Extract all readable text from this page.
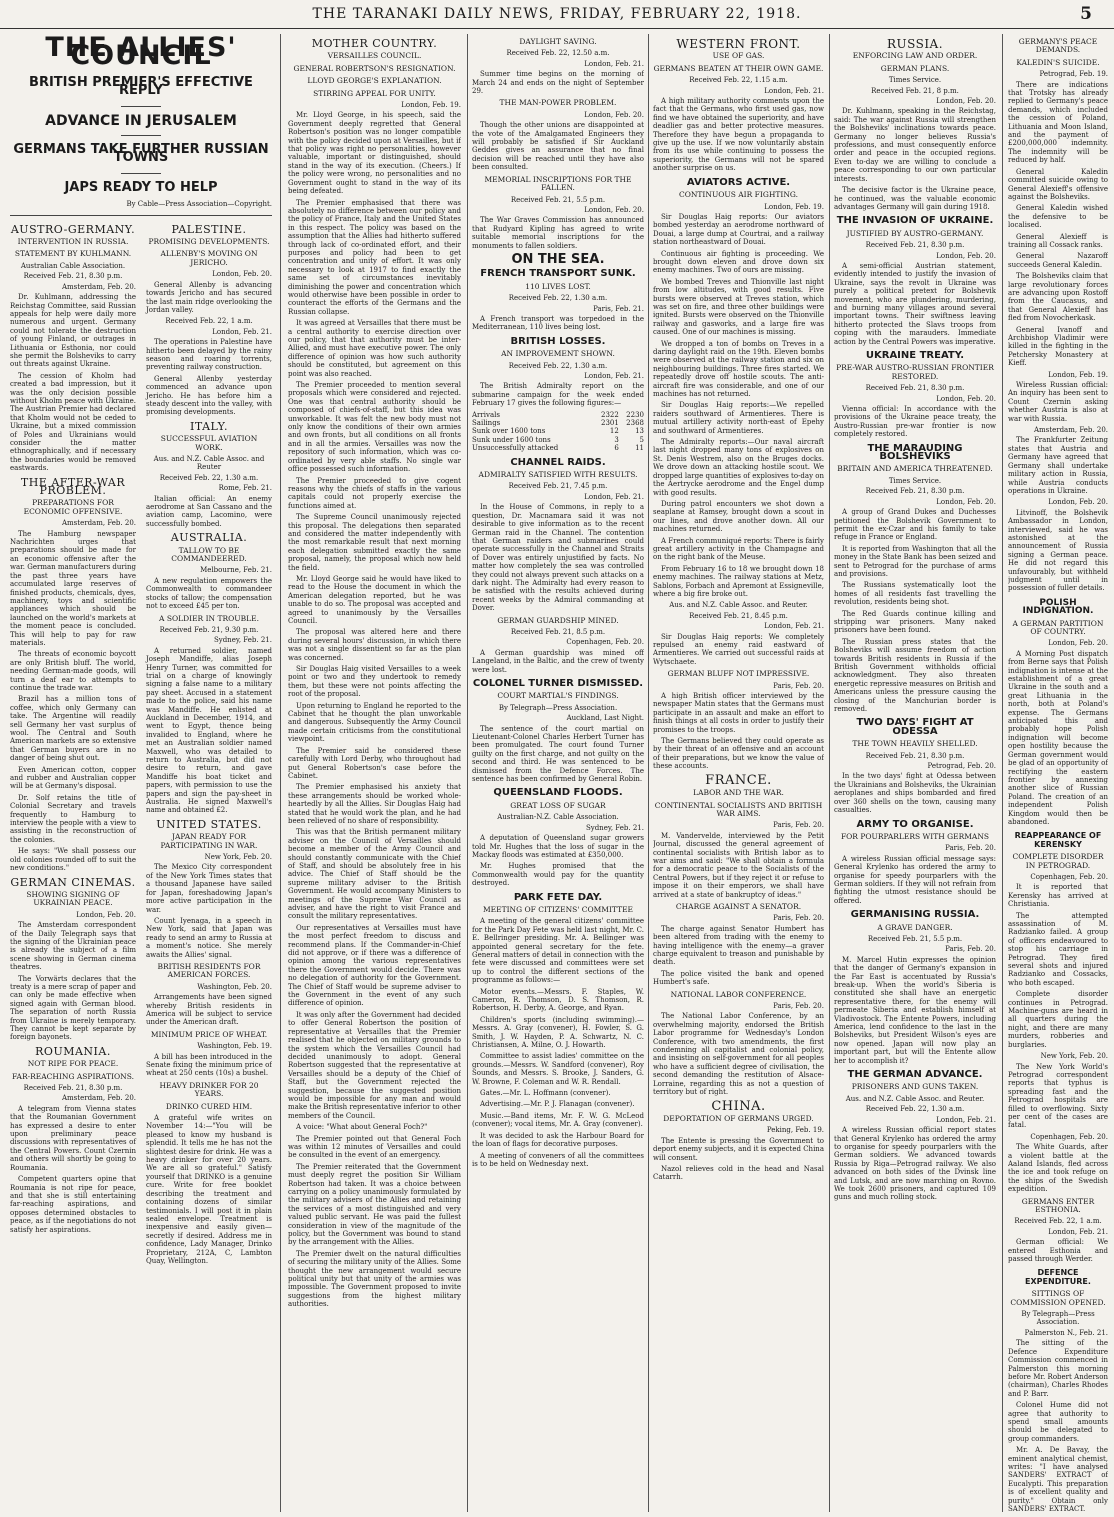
THE TARANAKI DAILY NEWS, FRIDAY, FEBRUARY 22, 1918.	5
THE ALLIES' COUNCIL
BRITISH PREMIER'S EFFECTIVE REPLY
ADVANCE IN JERUSALEM
GERMANS TAKE FURTHER RUSSIAN TOWNS
JAPS READY TO HELP
By Cable—Press Association—Copyright.
AUSTRO-GERMANY.
INTERVENTION IN RUSSIA.
STATEMENT BY KUHLMANN.
Australian Cable Association.
Received Feb. 21, 8.30 p.m.
Amsterdam, Feb. 20.

Dr. Kuhlmann, addressing the Reichstag Committee, said Russian appeals for help were daily more numerous and urgent. Germany could not tolerate the destruction of young Finland, or outrages in Lithuania or Esthonia, nor could she permit the Bolsheviks to carry out threats against Ukraine.

The cession of Kholm had created a bad impression, but it was the only decision possible without Kholm peace with Ukraine. The Austrian Premier had declared that Kholm would not be ceded to Ukraine, but a mixed commission of Poles and Ukrainians would consider the matter ethnographically, and if necessary the boundaries would be removed eastwards.

THE AFTER-WAR PROBLEM.
PREPARATIONS FOR ECONOMIC OFFENSIVE.
Amsterdam, Feb. 20.

The Hamburg newspaper Nachrichten urges that preparations should be made for an economic offensive after the war. German manufacturers during the past three years have accumulated large reserves of finished products, chemicals, dyes, machinery, toys and scientific appliances which should be launched on the world's markets at the moment peace is concluded. This will help to pay for raw materials.

The threats of economic boycott are only British bluff. The world, needing German-made goods, will turn a deaf ear to attempts to continue the trade war.

Brazil has a million tons of coffee, which only Germany can take. The Argentine will readily sell Germany her vast surplus of wool. The Central and South American markets are so extensive that German buyers are in no danger of being shut out.

Even American cotton, copper and rubber and Australian copper will be at Germany's disposal.

Dr. Solf retains the title of Colonial Secretary and travels frequently to Hamburg to interview the people with a view to assisting in the reconstruction of the colonies.

He says: "We shall possess our old colonies rounded off to suit the new conditions."

GERMAN CINEMAS.
SHOWING SIGNING OF UKRAINIAN PEACE.
London, Feb. 20.

The Amsterdam correspondent of the Daily Telegraph says that the signing of the Ukrainian peace is already the subject of a film scene showing in German cinema theatres.

The Vorwärts declares that the treaty is a mere scrap of paper and can only be made effective when signed again with German blood. The separation of north Russia from Ukraine is merely temporary. They cannot be kept separate by foreign bayonets.

ROUMANIA.
NOT RIPE FOR PEACE.
FAR-REACHING ASPIRATIONS.
Received Feb. 21, 8.30 p.m.
Amsterdam, Feb. 20.

A telegram from Vienna states that the Roumanian Government has expressed a desire to enter upon preliminary peace discussions with representatives of the Central Powers. Count Czernin and others will shortly be going to Roumania.

Competent quarters opine that Roumania is not ripe for peace, and that she is still entertaining far-reaching aspirations, and opposes determined obstacles to peace, as if the negotiations do not satisfy her aspirations.

PALESTINE.
PROMISING DEVELOPMENTS.
ALLENBY'S MOVING ON JERICHO.
London, Feb. 20.

General Allenby is advancing towards Jericho and has secured the last main ridge overlooking the Jordan valley.

Received Feb. 22, 1 a.m.
London, Feb. 21.

The operations in Palestine have hitherto been delayed by the rainy season and roaring torrents, preventing railway construction.

General Allenby yesterday commenced an advance upon Jericho. He has before him a steady descent into the valley, with promising developments.

ITALY.
SUCCESSFUL AVIATION WORK.
Aus. and N.Z. Cable Assoc. and Reuter
Received Feb. 22, 1.30 a.m.
Rome, Feb. 21.

Italian official: An enemy aerodrome at San Cassano and the aviation camp, Lacomino, were successfully bombed.

AUSTRALIA.
TALLOW TO BE COMMANDEERED.
Melbourne, Feb. 21.

A new regulation empowers the Commonwealth to commandeer stocks of tallow; the compensation not to exceed £45 per ton.

A SOLDIER IN TROUBLE.
Received Feb. 21, 9.30 p.m.
Sydney, Feb. 21.

A returned soldier, named Joseph Mandiffe, alias Joseph Henry Turner, was committed for trial on a charge of knowingly signing a false name to a military pay sheet. Accused in a statement made to the police, said his name was Mandiffe. He enlisted at Auckland in December, 1914, and went to Egypt, thence being invalided to England, where he met an Australian soldier named Maxwell, who was detailed to return to Australia, but did not desire to return, and gave Mandiffe his boat ticket and papers, with permission to use the papers and sign the pay-sheet in Australia. He signed Maxwell's name and obtained £2.

UNITED STATES.
JAPAN READY FOR PARTICIPATING IN WAR.
New York, Feb. 20.

The Mexico City correspondent of the New York Times states that a thousand Japanese have sailed for Japan, foreshadowing Japan's more active participation in the war.

Count Iyenaga, in a speech in New York, said that Japan was ready to send an army to Russia at a moment's notice. She merely awaits the Allies' signal.

BRITISH RESIDENTS FOR AMERICAN FORCES.
Washington, Feb. 20.

Arrangements have been signed whereby British residents in America will be subject to service under the American draft.

MINIMUM PRICE OF WHEAT.
Washington, Feb. 19.

A bill has been introduced in the Senate fixing the minimum price of wheat at 250 cents (10s) a bushel.

HEAVY DRINKER FOR 20 YEARS.
DRINKO CURED HIM.

A grateful wife writes on November 14:—"You will be pleased to know my husband is splendid. It tells me he has not the slightest desire for drink. He was a heavy drinker for over 20 years. We are all so grateful." Satisfy yourself that DRINKO is a genuine cure. Write for free booklet describing the treatment and containing dozens of similar testimonials. I will post it in plain sealed envelope. Treatment is inexpensive and easily given—secretly if desired. Address me in confidence, Lady Manager, Drinko Proprietary, 212A, C, Lambton Quay, Wellington.

MOTHER COUNTRY.
VERSAILLES COUNCIL.
GENERAL ROBERTSON'S RESIGNATION.
LLOYD GEORGE'S EXPLANATION.
STIRRING APPEAL FOR UNITY.
London, Feb. 19.

Mr. Lloyd George, in his speech, said the Government deeply regretted that General Robertson's position was no longer compatible with the policy decided upon at Versailles, but if that policy was right no personalities, however valuable, important or distinguished, should stand in the way of its execution. (Cheers.) If the policy were wrong, no personalities and no Government ought to stand in the way of its being defeated.

The Premier emphasised that there was absolutely no difference between our policy and the policy of France, Italy and the United States in this respect. The policy was based on the assumption that the Allies had hitherto suffered through lack of co-ordinated effort, and their purposes and policy had been to get concentration and unity of effort. It was only necessary to look at 1917 to find exactly the same set of circumstances inevitably diminishing the power and concentration which would otherwise have been possible in order to counteract the efforts of the Germans and the Russian collapse.

It was agreed at Versailles that there must be a central authority to exercise direction over our policy, that that authority must be inter-Allied, and must have executive power. The only difference of opinion was how such authority should be constituted, but agreement on this point was also reached.

The Premier proceeded to mention several proposals which were considered and rejected. One was that central authority should be composed of chiefs-of-staff, but this idea was unworkable. It was felt the new body must not only know the conditions of their own armies and own fronts, but all conditions on all fronts and in all the armies. Versailles was now the repository of such information, which was co-ordinated by very able staffs. No single war office possessed such information.

The Premier proceeded to give cogent reasons why the chiefs of staffs in the various capitals could not properly exercise the functions aimed at.

The Supreme Council unanimously rejected this proposal. The delegations then separated and considered the matter independently with the most remarkable result that next morning each delegation submitted exactly the same proposal, namely, the proposal which now held the field.

Mr. Lloyd George said he would have liked to read to the House the document in which the American delegation reported, but he was unable to do so. The proposal was accepted and agreed to unanimously by the Versailles Council.

The proposal was altered here and there during several hours' discussion, in which there was not a single dissentient so far as the plan was concerned.

Sir Douglas Haig visited Versailles to a week point or two and they undertook to remedy them, but these were not points affecting the root of the proposal.

Upon returning to England he reported to the Cabinet that he thought the plan unworkable and dangerous. Subsequently the Army Council made certain criticisms from the constitutional viewpoint.

The Premier said he considered these carefully with Lord Derby, who throughout had put General Robertson's case before the Cabinet.

The Premier emphasised his anxiety that these arrangements should be worked whole-heartedly by all the Allies. Sir Douglas Haig had stated that he would work the plan, and he had been relieved of no share of responsibility.

This was that the British permanent military adviser on the Council of Versailles should become a member of the Army Council and should constantly communicate with the Chief of Staff, and should be absolutely free in his advice. The Chief of Staff should be the supreme military adviser to the British Government. He would accompany Ministers to meetings of the Supreme War Council as adviser, and have the right to visit France and consult the military representatives.

Our representatives at Versailles must have the most perfect freedom to discuss and recommend plans. If the Commander-in-Chief did not approve, or if there was a difference of opinion among the various representatives there the Government would decide. There was no delegation of authority for the Government. The Chief of Staff would be supreme adviser to the Government in the event of any such difference of opinion.

It was only after the Government had decided to offer General Robertson the position of representative at Versailles that the Premier realised that he objected on military grounds to the system which the Versailles Council had decided unanimously to adopt. General Robertson suggested that the representative at Versailles should be a deputy of the Chief of Staff, but the Government rejected the suggestion, because the suggested position would be impossible for any man and would make the British representative inferior to other members of the Council.

A voice: "What about General Foch?"

The Premier pointed out that General Foch was within 12 minutes of Versailles and could be consulted in the event of an emergency.

The Premier reiterated that the Government must deeply regret the position Sir William Robertson had taken. It was a choice between carrying on a policy unanimously formulated by the military advisers of the Allies and retaining the services of a most distinguished and very valued public servant. He was paid the fullest consideration in view of the magnitude of the policy, but the Government was bound to stand by the arrangement with the Allies.

The Premier dwelt on the natural difficulties of securing the military unity of the Allies. Some thought the new arrangement would secure political unity but that unity of the armies was impossible. The Government proposed to invite suggestions from the highest military authorities.

DAYLIGHT SAVING.
Received Feb. 22, 12.50 a.m.
London, Feb. 21.

Summer time begins on the morning of March 24 and ends on the night of September 29.

THE MAN-POWER PROBLEM.
London, Feb. 20.

Though the other unions are disappointed at the vote of the Amalgamated Engineers they will probably be satisfied if Sir Auckland Geddes gives an assurance that no final decision will be reached until they have also been consulted.

MEMORIAL INSCRIPTIONS FOR THE FALLEN.
Received Feb. 21, 5.5 p.m.
London, Feb. 20.

The War Graves Commission has announced that Rudyard Kipling has agreed to write suitable memorial inscriptions for the monuments to fallen soldiers.

ON THE SEA.
FRENCH TRANSPORT SUNK.
110 LIVES LOST.
Received Feb. 22, 1.30 a.m.
Paris, Feb. 21.

A French transport was torpedoed in the Mediterranean, 110 lives being lost.

BRITISH LOSSES.
AN IMPROVEMENT SHOWN.
Received Feb. 22, 1.30 a.m.
London, Feb. 21.

The British Admiralty report on the submarine campaign for the week ended February 17 gives the following figures:—

Arrivals	2322	2230
Sailings	2301	2368
Sunk over 1600 tons	12	13
Sunk under 1600 tons	3	5
Unsuccessfully attacked	6	11
CHANNEL RAIDS.
ADMIRALTY SATISFIED WITH RESULTS.
Received Feb. 21, 7.45 p.m.
London, Feb. 21.

In the House of Commons, in reply to a question, Dr. Macnamara said it was not desirable to give information as to the recent German raid in the Channel. The contention that German raiders and submarines could operate successfully in the Channel and Straits of Dover was entirely unjustified by facts. No matter how completely the sea was controlled they could not always prevent such attacks on a dark night. The Admiralty had every reason to be satisfied with the results achieved during recent weeks by the Admiral commanding at Dover.

GERMAN GUARDSHIP MINED.
Received Feb. 21, 8.5 p.m.
Copenhagen, Feb. 20.

A German guardship was mined off Langeland, in the Baltic, and the crew of twenty were lost.

COLONEL TURNER DISMISSED.
COURT MARTIAL'S FINDINGS.
By Telegraph—Press Association.
Auckland, Last Night.

The sentence of the court martial on Lieutenant-Colonel Charles Herbert Turner has been promulgated. The court found Turner guilty on the first charge, and not guilty on the second and third. He was sentenced to be dismissed from the Defence Forces. The sentence has been confirmed by General Robin.

QUEENSLAND FLOODS.
GREAT LOSS OF SUGAR
Australian-N.Z. Cable Association.
Sydney, Feb. 21.

A deputation of Queensland sugar growers told Mr. Hughes that the loss of sugar in the Mackay floods was estimated at £350,000.

Mr. Hughes promised that the Commonwealth would pay for the quantity destroyed.

PARK FETE DAY.
MEETING OF CITIZENS' COMMITTEE

A meeting of the general citizens' committee for the Park Day Fete was held last night, Mr. C. E. Bellringer presiding. Mr. A. Bellinger was appointed general secretary for the fete. General matters of detail in connection with the fete were discussed and committees were set up to control the different sections of the programme as follows:—

Motor events.—Messrs. F. Staples, W. Cameron, R. Thomson, D. S. Thomson, R. Robertson, H. Derby, A. George, and Ryan.

Children's sports (including swimming).—Messrs. A. Gray (convener), H. Fowler, S. G. Smith, J. W. Hayden, P. A. Schwartz, N. C. Christiansen, A. Milne, O. J. Howarth.

Committee to assist ladies' committee on the grounds.—Messrs. W. Sandford (convener), Roy Sounds, and Messrs. S. Brooke, J. Sanders, G. W. Browne, F. Coleman and W. R. Rendall.

Gates.—Mr. L. Hoffmann (convener).

Advertising.—Mr. P. J. Flanagan (convener).

Music.—Band items, Mr. F. W. G. McLeod (convener); vocal items, Mr. A. Gray (convener).

It was decided to ask the Harbour Board for the loan of flags for decorative purposes.

A meeting of conveners of all the committees is to be held on Wednesday next.

WESTERN FRONT.
USE OF GAS.
GERMANS BEATEN AT THEIR OWN GAME.
Received Feb. 22, 1.15 a.m.
London, Feb. 21.

A high military authority comments upon the fact that the Germans, who first used gas, now find we have obtained the superiority, and have deadlier gas and better protective measures. Therefore they have begun a propaganda to give up the use. If we now voluntarily abstain from its use while continuing to possess the superiority, the Germans will not be spared another surprise on us.

AVIATORS ACTIVE.
CONTINUOUS AIR FIGHTING.
London, Feb. 19.

Sir Douglas Haig reports: Our aviators bombed yesterday an aerodrome northward of Douai, a large dump at Courtrai, and a railway station northeastward of Douai.

Continuous air fighting is proceeding. We brought down eleven and drove down six enemy machines. Two of ours are missing.

We bombed Treves and Thionville last night from low altitudes, with good results. Five bursts were observed at Treves station, which was set on fire, and three other buildings were ignited. Bursts were observed on the Thionville railway and gasworks, and a large fire was caused. One of our machines is missing.

We dropped a ton of bombs on Treves in a daring daylight raid on the 19th. Eleven bombs were observed at the railway station and six on neighbouring buildings. Three fires started. We repeatedly drove off hostile scouts. The anti-aircraft fire was considerable, and one of our machines has not returned.

Sir Douglas Haig reports:—We repelled raiders southward of Armentieres. There is mutual artillery activity north-east of Epehy and southward of Armentieres.

The Admiralty reports:—Our naval aircraft last night dropped many tons of explosives on St. Denis Westrem, also on the Bruges docks. We drove down an attacking hostile scout. We dropped large quantities of explosives to-day on the Aertrycke aerodrome and the Engel dump with good results.

During patrol encounters we shot down a seaplane at Ramsey, brought down a scout in our lines, and drove another down. All our machines returned.

A French communiqué reports: There is fairly great artillery activity in the Champagne and on the right bank of the Meuse.

From February 16 to 18 we brought down 18 enemy machines. The railway stations at Metz, Sablons, Forbach and Apremont at Essigneville, where a big fire broke out.

Aus. and N.Z. Cable Assoc. and Reuter.
Received Feb. 21, 8.45 p.m.
London, Feb. 21.

Sir Douglas Haig reports: We completely repulsed an enemy raid eastward of Armentieres. We carried out successful raids at Wytschaete.

GERMAN BLUFF NOT IMPRESSIVE.
Paris, Feb. 20.

A high British officer interviewed by the newspaper Matin states that the Germans must participate in an assault and make an effort to finish things at all costs in order to justify their promises to the troops.

The Germans believed they could operate as by their threat of an offensive and an account of their preparations, but we know the value of these accounts.

FRANCE.
LABOR AND THE WAR.
CONTINENTAL SOCIALISTS AND BRITISH WAR AIMS.
Paris, Feb. 20.

M. Vandervelde, interviewed by the Petit Journal, discussed the general agreement of continental socialists with British labor as to war aims and said: "We shall obtain a formula for a democratic peace to the Socialists of the Central Powers, but if they reject it or refuse to impose it on their emperors, we shall have arrived at a state of bankruptcy of ideas."

CHARGE AGAINST A SENATOR.
Paris, Feb. 20.

The charge against Senator Humbert has been altered from trading with the enemy to having intelligence with the enemy—a graver charge equivalent to treason and punishable by death.

The police visited the bank and opened Humbert's safe.

NATIONAL LABOR CONFERENCE.
Paris, Feb. 20.

The National Labor Conference, by an overwhelming majority, endorsed the British Labor programme for Wednesday's London Conference, with two amendments, the first condemning all capitalist and colonial policy, and insisting on self-government for all peoples who have a sufficient degree of civilisation, the second demanding the restitution of Alsace-Lorraine, regarding this as not a question of territory but of right.

CHINA.
DEPORTATION OF GERMANS URGED.
Peking, Feb. 19.

The Entente is pressing the Government to deport enemy subjects, and it is expected China will consent.

Nazol relieves cold in the head and Nasal Catarrh.

RUSSIA.
ENFORCING LAW AND ORDER.
GERMAN PLANS.
Times Service.
Received Feb. 21, 8 p.m.
London, Feb. 20.

Dr. Kuhlmann, speaking in the Reichstag, said: The war against Russia will strengthen the Bolsheviks' inclinations towards peace. Germany no longer believes Russia's professions, and must consequently enforce order and peace in the occupied regions. Even to-day we are willing to conclude a peace corresponding to our own particular interests.

The decisive factor is the Ukraine peace, he continued, was the valuable economic advantages Germany will gain during 1918.

THE INVASION OF UKRAINE.
JUSTIFIED BY AUSTRO-GERMANY.
Received Feb. 21, 8.30 p.m.
London, Feb. 20.

A semi-official Austrian statement, evidently intended to justify the invasion of Ukraine, says the revolt in Ukraine was purely a political pretext for Bolshevik movement, who are plundering, murdering, and burning many villages around several important towns. Their swiftness leaving hitherto protected the Slavs troops from coping with the marauders. Immediate action by the Central Powers was imperative.

UKRAINE TREATY.
PRE-WAR AUSTRO-RUSSIAN FRONTIER RESTORED.
Received Feb. 21, 8.30 p.m.
London, Feb. 20.

Vienna official: In accordance with the provisions of the Ukraine peace treaty, the Austro-Russian pre-war frontier is now completely restored.

THE MARAUDING BOLSHEVIKS
BRITAIN AND AMERICA THREATENED.
Times Service.
Received Feb. 21, 8.30 p.m.
London, Feb. 20.

A group of Grand Dukes and Duchesses petitioned the Bolshevik Government to permit the ex-Czar and his family to take refuge in France or England.

It is reported from Washington that all the money in the State Bank has been seized and sent to Petrograd for the purchase of arms and provisions.

The Russians systematically loot the homes of all residents fast travelling the revolution, residents being shot.

The Red Guards continue killing and stripping war prisoners. Many naked prisoners have been found.

The Russian press states that the Bolsheviks will assume freedom of action towards British residents in Russia if the British Government withholds official acknowledgment. They also threaten energetic repressive measures on British and Americans unless the pressure causing the closing of the Manchurian border is removed.

TWO DAYS' FIGHT AT ODESSA
THE TOWN HEAVILY SHELLED.
Received Feb. 21, 8.30 p.m.
Petrograd, Feb. 20.

In the two days' fight at Odessa between the Ukrainians and Bolsheviks, the Ukrainian aeroplanes and ships bombarded and fired over 360 shells on the town, causing many casualties.

ARMY TO ORGANISE.
FOR POURPARLERS WITH GERMANS
Paris, Feb. 20.

A wireless Russian official message says: General Krylenko has ordered the army to organise for speedy pourparlers with the German soldiers. If they will not refrain from fighting the utmost resistance should be offered.

GERMANISING RUSSIA.
A GRAVE DANGER.
Received Feb. 21, 5.5 p.m.
Paris, Feb. 20.

M. Marcel Hutin expresses the opinion that the danger of Germany's expansion in the Far East is accentuated by Russia's break-up. When the world's Siberia is constituted she shall have an energetic representative there, for the enemy will permeate Siberia and establish himself at Vladivostock. The Entente Powers, including America, lend confidence to the last in the Bolsheviks, but President Wilson's eyes are now opened. Japan will now play an important part, but will the Entente allow her to accomplish it?

THE GERMAN ADVANCE.
PRISONERS AND GUNS TAKEN.
Aus. and N.Z. Cable Assoc. and Reuter.
Received Feb. 22, 1.30 a.m.
London, Feb. 21.

A wireless Russian official report states that General Krylenko has ordered the army to organise for speedy pourparlers with the German soldiers. We advanced towards Russia by Riga—Petrograd railway. We also advanced on both sides of the Dvinsk line and Lutsk, and are now marching on Rovno. We took 2600 prisoners, and captured 109 guns and much rolling stock.

GERMANY'S PEACE DEMANDS.
KALEDIN'S SUICIDE.
Petrograd, Feb. 19.

There are indications that Trotsky has already replied to Germany's peace demands, which included the cession of Poland, Lithuania and Moon Island, and the payment of £200,000,000 indemnity. The indemnity will be reduced by half.

General Kaledin committed suicide owing to General Alexieff's offensive against the Bolsheviks.

General Kaledin wished the defensive to be localised.

General Alexieff is training all Cossack ranks.

General Nazaroff succeeds General Kaledin.

The Bolsheviks claim that large revolutionary forces are advancing upon Rostoff from the Caucasus, and that General Alexieff has fled from Novocherkask.

General Ivanoff and Archbishop Vladimir were killed in the fighting in the Petchersky Monastery at Kieff.

London, Feb. 19.

Wireless Russian official: An inquiry has been sent to Count Czernin asking whether Austria is also at war with Russia.

Amsterdam, Feb. 20.

The Frankfurter Zeitung states that Austria and Germany have agreed that Germany shall undertake military action in Russia, while Austria conducts operations in Ukraine.

London, Feb. 20.

Litvinoff, the Bolshevik Ambassador in London, interviewed, said he was astonished at the announcement of Russia signing a German peace. He did not regard this unfavourably, but withheld judgment until in possession of fuller details.

POLISH INDIGNATION.
A GERMAN PARTITION OF COUNTRY.
London, Feb. 20.

A Morning Post dispatch from Berne says that Polish indignation is intense at the establishment of a great Ukraine in the south and a great Lithuania in the north, both at Poland's expense. The Germans anticipated this and probably hope Polish indignation will become open hostility because the German government would be glad of an opportunity of rectifying the eastern frontier by annexing another slice of Russian Poland. The creation of an independent Polish Kingdom would then be abandoned.

REAPPEARANCE OF KERENSKY
COMPLETE DISORDER IN PETROGRAD.
Copenhagen, Feb. 20.

It is reported that Kerensky has arrived at Christiania.

The attempted assassination of M. Radzianko failed. A group of officers endeavoured to stop his carriage in Petrograd. They fired several shots and injured Radzianko and Cossacks, who both escaped.

Complete disorder continues in Petrograd. Machine-guns are heard in all quarters during the night, and there are many murders, robberies and burglaries.

New York, Feb. 20.

The New York World's Petrograd correspondent reports that typhus is spreading fast and the Petrograd hospitals are filled to overflowing. Sixty per cent of the cases are fatal.

Copenhagen, Feb. 20.

The White Guards, after a violent battle at the Aaland Islands, fled across the ice and took refuge on the ships of the Swedish expedition.

GERMANS ENTER ESTHONIA.
Received Feb. 22, 1 a.m.
London, Feb. 21.

German official: We entered Esthonia and passed through Werder.

DEFENCE EXPENDITURE.
SITTINGS OF COMMISSION OPENED.
By Telegraph—Press Association.
Palmerston N., Feb. 21.

The sitting of the Defence Expenditure Commission commenced in Palmerston this morning before Mr. Robert Anderson (chairman), Charles Rhodes and P. Barr.

Colonel Hume did not agree that authority to spend small amounts should be delegated to group commanders.

Mr. A. De Bavay, the eminent analytical chemist, writes: "I have analysed SANDERS' EXTRACT of Eucalypti. This preparation is of excellent quality and purity." Obtain only SANDERS' EXTRACT.
